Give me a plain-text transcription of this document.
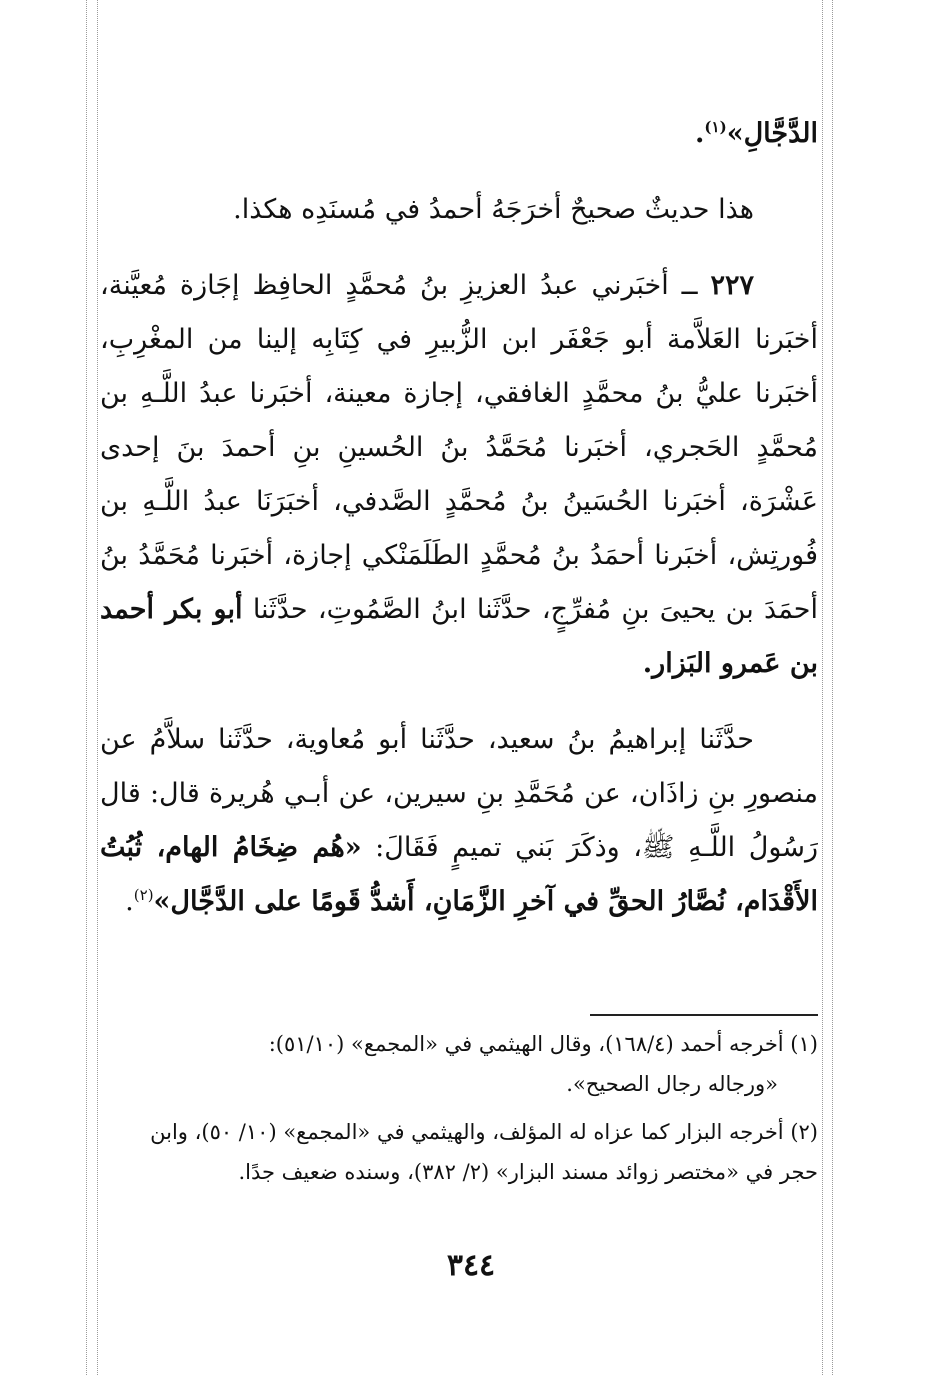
الدَّجَّالِ»$^{(١)}$.

هذا حديثٌ صحيحٌ أخرَجَهُ أحمدُ في مُسنَدِه هكذا.

٢٢٧ ــ أخبَرني عبدُ العزيزِ بنُ مُحمَّدٍ الحافِظ إجَازة مُعيَّنة، أخبَرنا العَلاَّمة أبو جَعْفَر ابن الزُّبيرِ في كِتَابِه إلينا من المغْرِبِ، أخبَرنا عليُّ بنُ محمَّدٍ الغافقي، إجازة معينة، أخبَرنا عبدُ اللَّـهِ بن مُحمَّدٍ الحَجري، أخبَرنا مُحَمَّدُ بنُ الحُسينِ بنِ أحمدَ بنَ إحدى عَشْرَة، أخبَرنا الحُسَينُ بنُ مُحمَّدٍ الصَّدفي، أخبَرَنَا عبدُ اللَّـهِ بن فُورتِش، أخبَرنا أحمَدُ بنُ مُحمَّدٍ الطَلَمَنْكي إجازة، أخبَرنا مُحَمَّدُ بنُ أحمَدَ بن يحيىَ بنِ مُفرِّجٍ، حدَّثَنا ابنُ الصَّمُوتِ، حدَّثَنا أبو بكر أحمد بن عَمرو البَزار.

حدَّثَنا إبراهيمُ بنُ سعيد، حدَّثَنا أبو مُعاوية، حدَّثَنا سلاَّمُ عن منصورِ بنِ زاذَان، عن مُحَمَّدِ بنِ سيرين، عن أبـي هُريرة قال: قال رَسُولُ اللَّـهِ ﷺ، وذكَرَ بَني تميمٍ فَقَالَ: «هُم ضِخَامُ الهام، ثُبُتُ الأَقْدَام، نُصَّارُ الحقِّ في آخرِ الزَّمَانِ، أَشدُّ قَومًا على الدَّجَّال»$^{(٢)}$.

(١) أخرجه أحمد (١٦٨/٤)، وقال الهيثمي في «المجمع» (٥١/١٠):

«ورجاله رجال الصحيح».

(٢) أخرجه البزار كما عزاه له المؤلف، والهيثمي في «المجمع» (١٠/ ٥٠)، وابن

حجر في «مختصر زوائد مسند البزار» (٢/ ٣٨٢)، وسنده ضعيف جدًا.

٣٤٤
